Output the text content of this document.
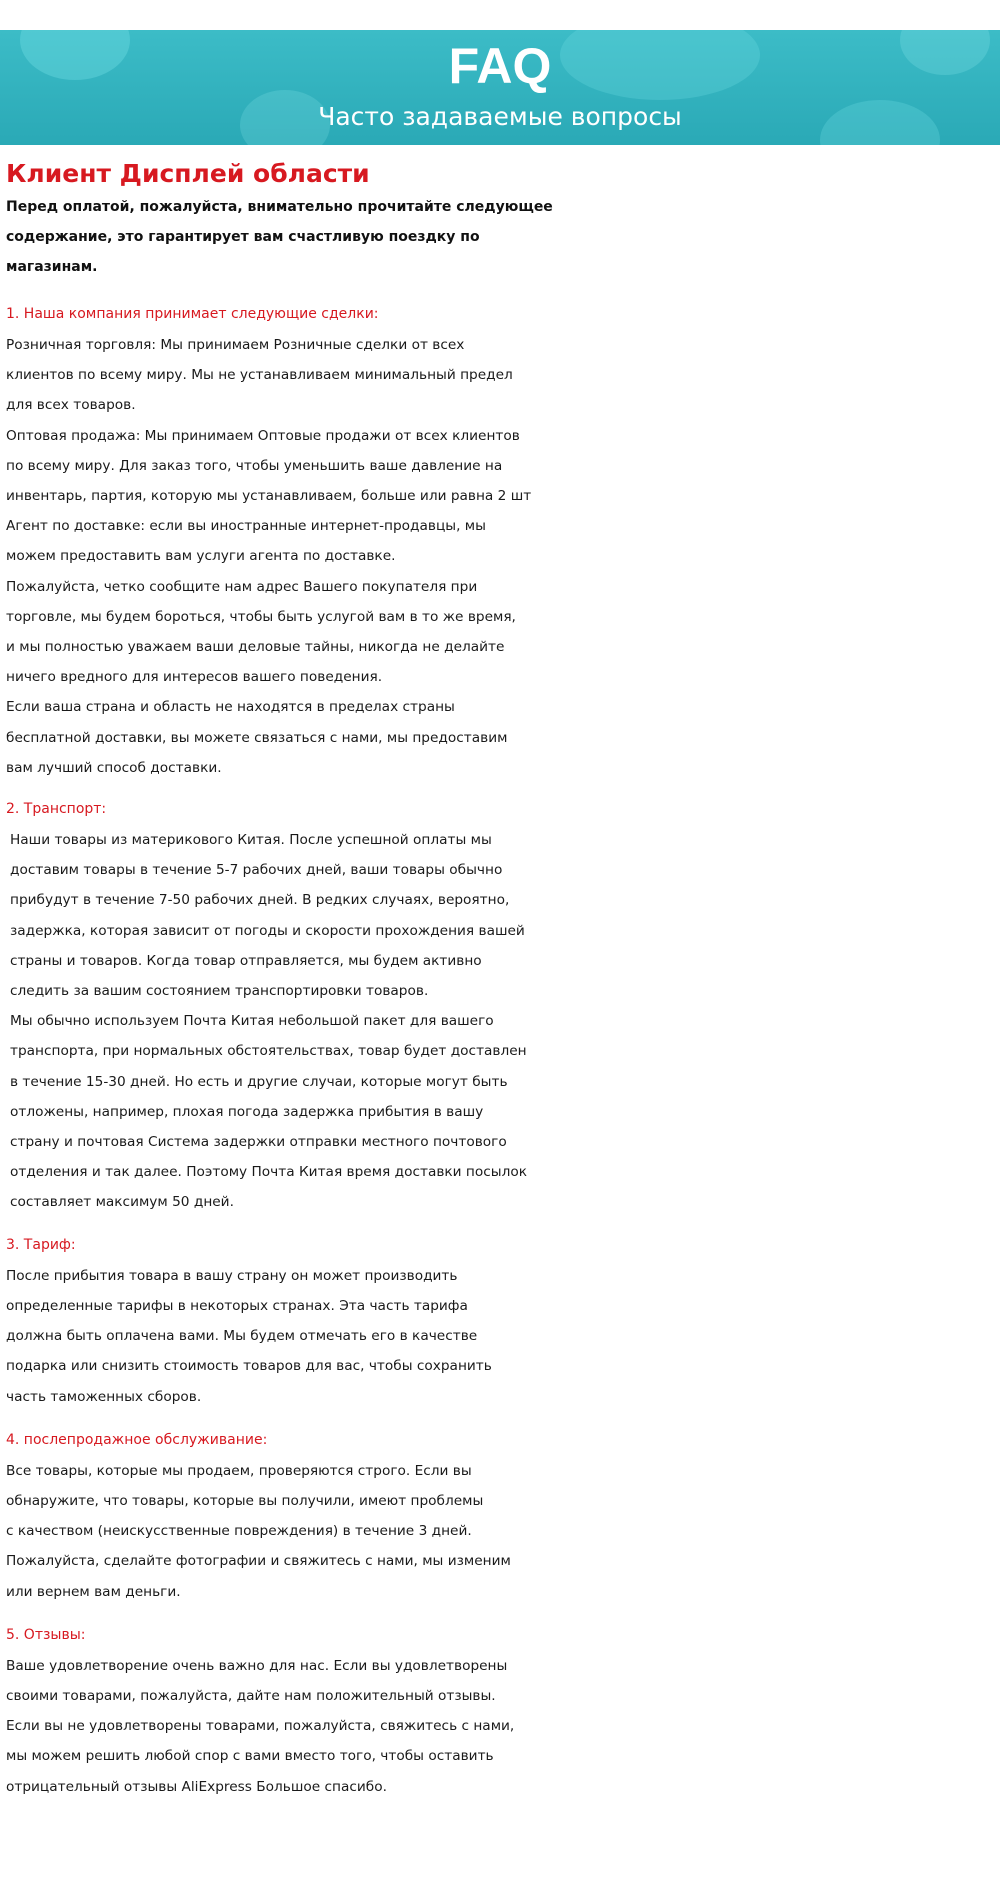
FAQ
Часто задаваемые вопросы

Клиент Дисплей области

Перед оплатой, пожалуйста, внимательно прочитайте следующее
содержание, это гарантирует вам счастливую поездку по
магазинам.

1. Наша компания принимает следующие сделки:

Розничная торговля: Мы принимаем Розничные сделки от всех

клиентов по всему миру. Мы не устанавливаем минимальный предел

для всех товаров.

Оптовая продажа: Мы принимаем Оптовые продажи от всех клиентов

по всему миру. Для заказ того, чтобы уменьшить ваше давление на

инвентарь, партия, которую мы устанавливаем, больше или равна 2 шт

Агент по доставке: если вы иностранные интернет-продавцы, мы

можем предоставить вам услуги агента по доставке.

Пожалуйста, четко сообщите нам адрес Вашего покупателя при

торговле, мы будем бороться, чтобы быть услугой вам в то же время,

и мы полностью уважаем ваши деловые тайны, никогда не делайте

ничего вредного для интересов вашего поведения.

Если ваша страна и область не находятся в пределах страны

бесплатной доставки, вы можете связаться с нами, мы предоставим

вам лучший способ доставки.

2. Транспорт:

Наши товары из материкового Китая. После успешной оплаты мы

доставим товары в течение 5-7 рабочих дней, ваши товары обычно

прибудут в течение 7-50 рабочих дней. В редких случаях, вероятно,

задержка, которая зависит от погоды и скорости прохождения вашей

страны и товаров. Когда товар отправляется, мы будем активно

следить за вашим состоянием транспортировки товаров.

Мы обычно используем Почта Китая небольшой пакет для вашего

транспорта, при нормальных обстоятельствах, товар будет доставлен

в течение 15-30 дней. Но есть и другие случаи, которые могут быть

отложены, например, плохая погода задержка прибытия в вашу

страну и почтовая Система задержки отправки местного почтового

отделения и так далее. Поэтому Почта Китая время доставки посылок

составляет максимум 50 дней.

3. Тариф:

После прибытия товара в вашу страну он может производить

определенные тарифы в некоторых странах. Эта часть тарифа

должна быть оплачена вами. Мы будем отмечать его в качестве

подарка или снизить стоимость товаров для вас, чтобы сохранить

часть таможенных сборов.

4. послепродажное обслуживание:

Все товары, которые мы продаем, проверяются строго. Если вы

обнаружите, что товары, которые вы получили, имеют проблемы

с качеством (неискусственные повреждения) в течение 3 дней.

Пожалуйста, сделайте фотографии и свяжитесь с нами, мы изменим

или вернем вам деньги.

5. Отзывы:

Ваше удовлетворение очень важно для нас. Если вы удовлетворены

своими товарами, пожалуйста, дайте нам положительный отзывы.

Если вы не удовлетворены товарами, пожалуйста, свяжитесь с нами,

мы можем решить любой спор с вами вместо того, чтобы оставить

отрицательный отзывы AliExpress Большое спасибо.
